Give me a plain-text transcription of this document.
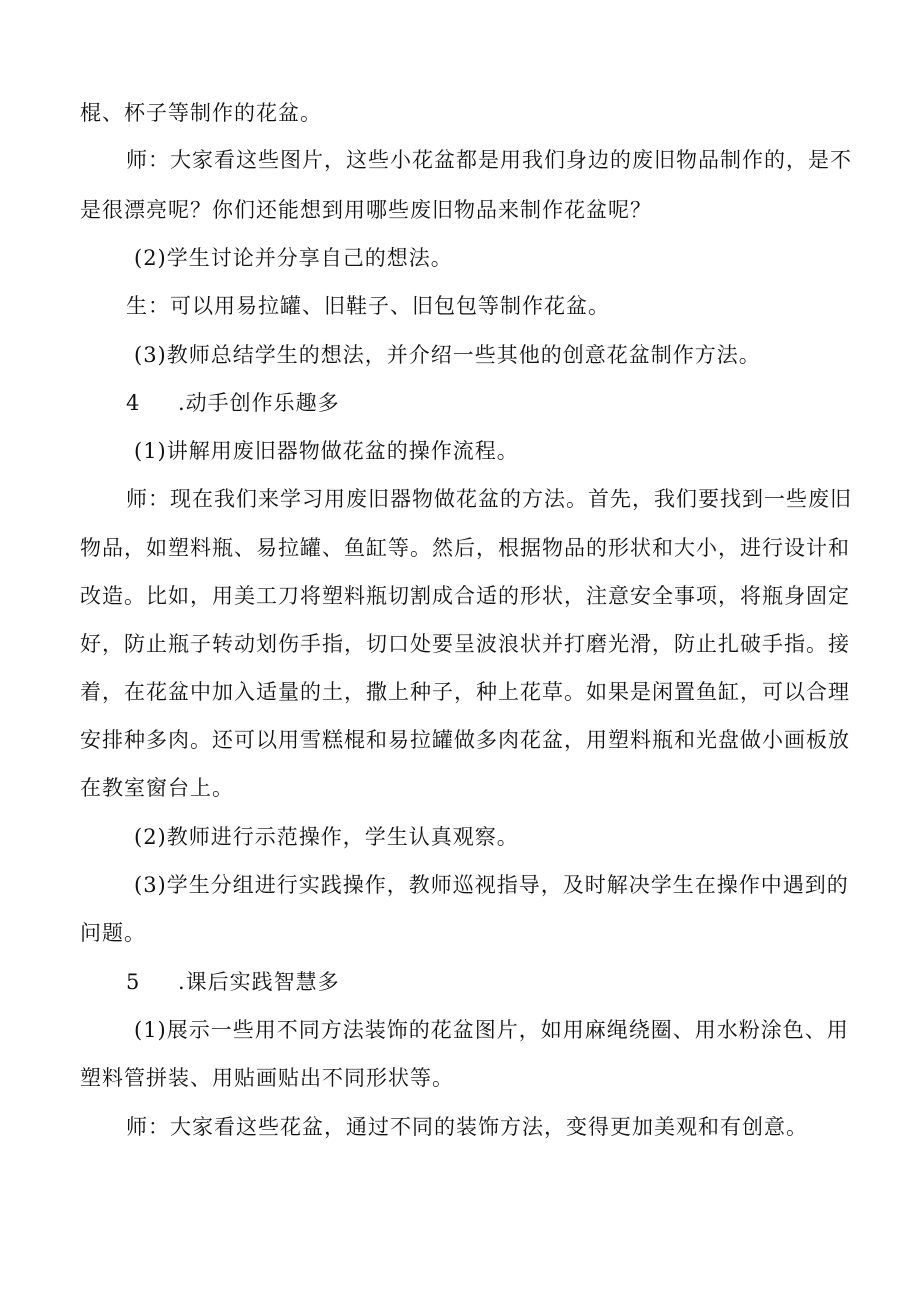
棍、杯子等制作的花盆。
师：大家看这些图片，这些小花盆都是用我们身边的废旧物品制作的，是不
是很漂亮呢？你们还能想到用哪些废旧物品来制作花盆呢？
(2)学生讨论并分享自己的想法。
生：可以用易拉罐、旧鞋子、旧包包等制作花盆。
(3)教师总结学生的想法，并介绍一些其他的创意花盆制作方法。
4 .动手创作乐趣多
(1)讲解用废旧器物做花盆的操作流程。
师：现在我们来学习用废旧器物做花盆的方法。首先，我们要找到一些废旧
物品，如塑料瓶、易拉罐、鱼缸等。然后，根据物品的形状和大小，进行设计和
改造。比如，用美工刀将塑料瓶切割成合适的形状，注意安全事项，将瓶身固定
好，防止瓶子转动划伤手指，切口处要呈波浪状并打磨光滑，防止扎破手指。接
着，在花盆中加入适量的土，撒上种子，种上花草。如果是闲置鱼缸，可以合理
安排种多肉。还可以用雪糕棍和易拉罐做多肉花盆，用塑料瓶和光盘做小画板放
在教室窗台上。
(2)教师进行示范操作，学生认真观察。
(3)学生分组进行实践操作，教师巡视指导，及时解决学生在操作中遇到的
问题。
5 .课后实践智慧多
(1)展示一些用不同方法装饰的花盆图片，如用麻绳绕圈、用水粉涂色、用
塑料管拼装、用贴画贴出不同形状等。
师：大家看这些花盆，通过不同的装饰方法，变得更加美观和有创意。
